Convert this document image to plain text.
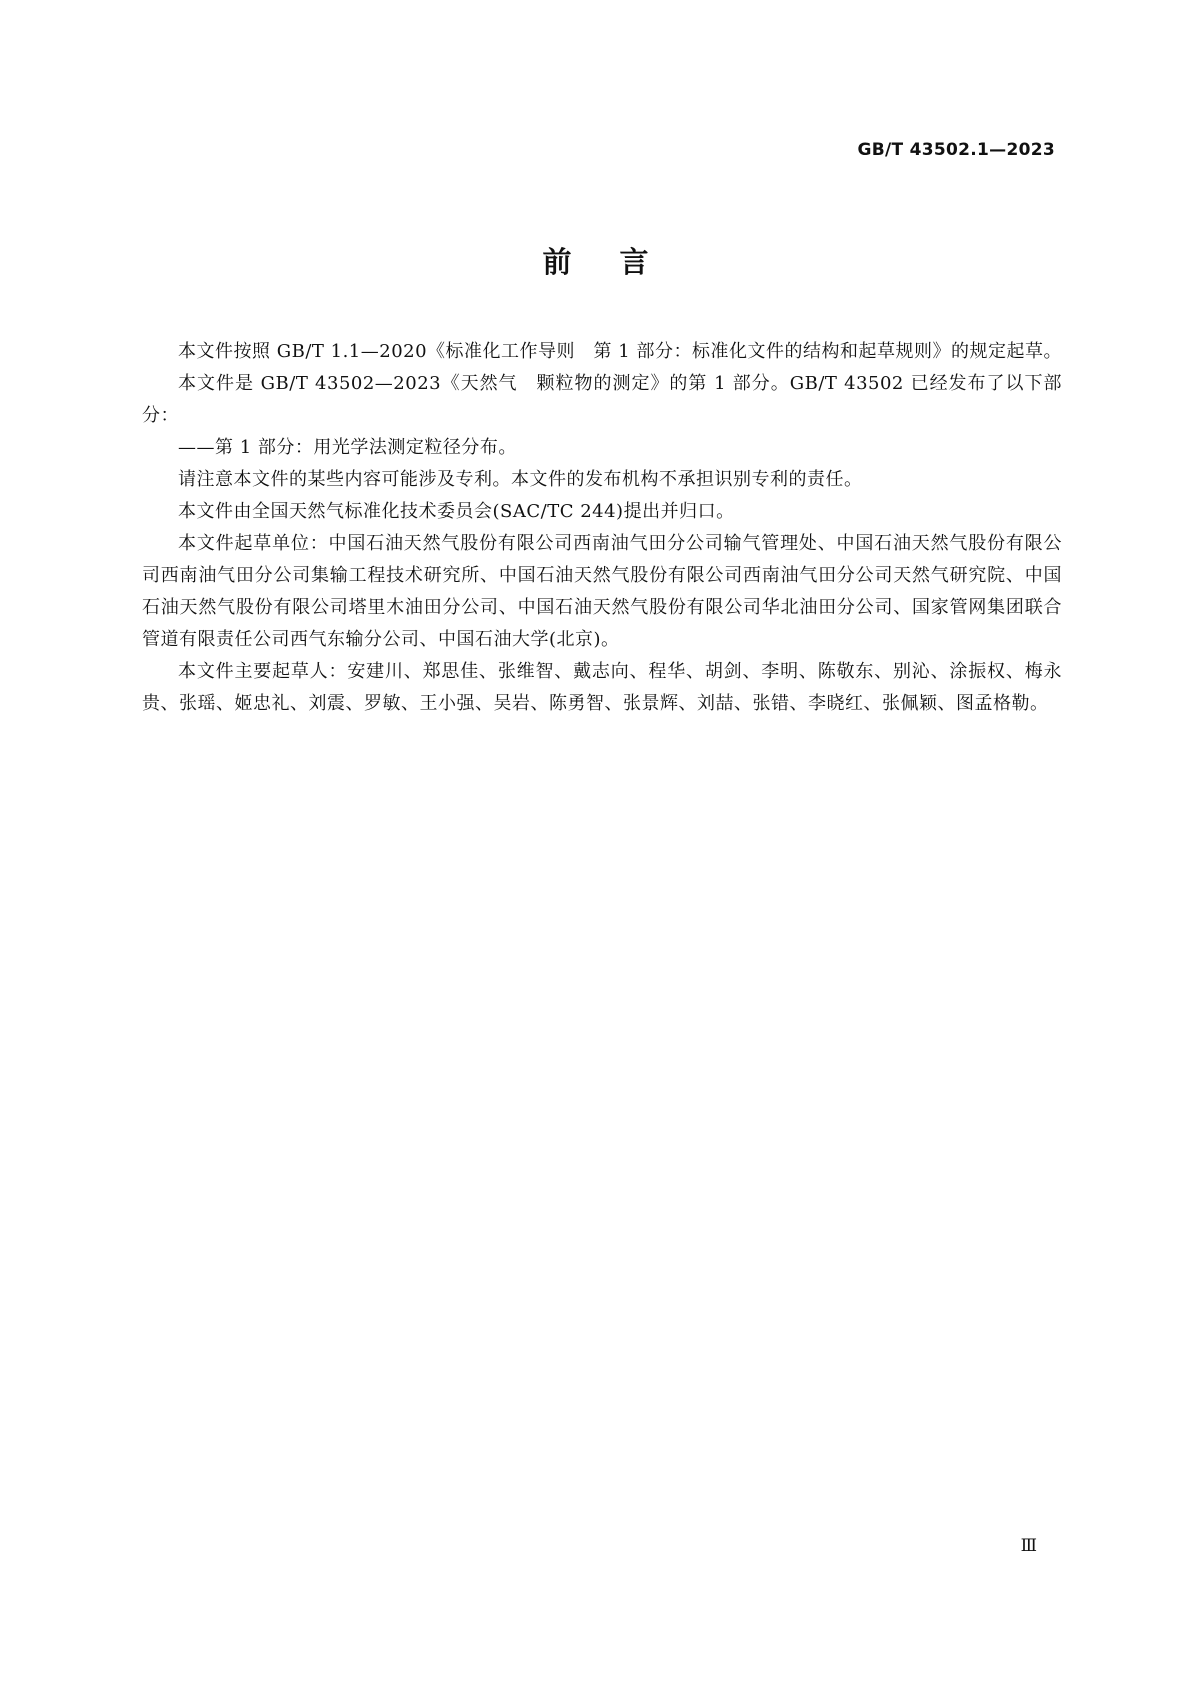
GB/T 43502.1—2023
前言

本文件按照 GB/T 1.1—2020《标准化工作导则　第 1 部分：标准化文件的结构和起草规则》的规定起草。

本文件是 GB/T 43502—2023《天然气　颗粒物的测定》的第 1 部分。GB/T 43502 已经发布了以下部分：

——第 1 部分：用光学法测定粒径分布。

请注意本文件的某些内容可能涉及专利。本文件的发布机构不承担识别专利的责任。

本文件由全国天然气标准化技术委员会(SAC/TC 244)提出并归口。

本文件起草单位：中国石油天然气股份有限公司西南油气田分公司输气管理处、中国石油天然气股份有限公司西南油气田分公司集输工程技术研究所、中国石油天然气股份有限公司西南油气田分公司天然气研究院、中国石油天然气股份有限公司塔里木油田分公司、中国石油天然气股份有限公司华北油田分公司、国家管网集团联合管道有限责任公司西气东输分公司、中国石油大学(北京)。

本文件主要起草人：安建川、郑思佳、张维智、戴志向、程华、胡剑、李明、陈敬东、别沁、涂振权、梅永贵、张瑶、姬忠礼、刘震、罗敏、王小强、吴岩、陈勇智、张景辉、刘喆、张错、李晓红、张佩颖、图孟格勒。

Ⅲ
